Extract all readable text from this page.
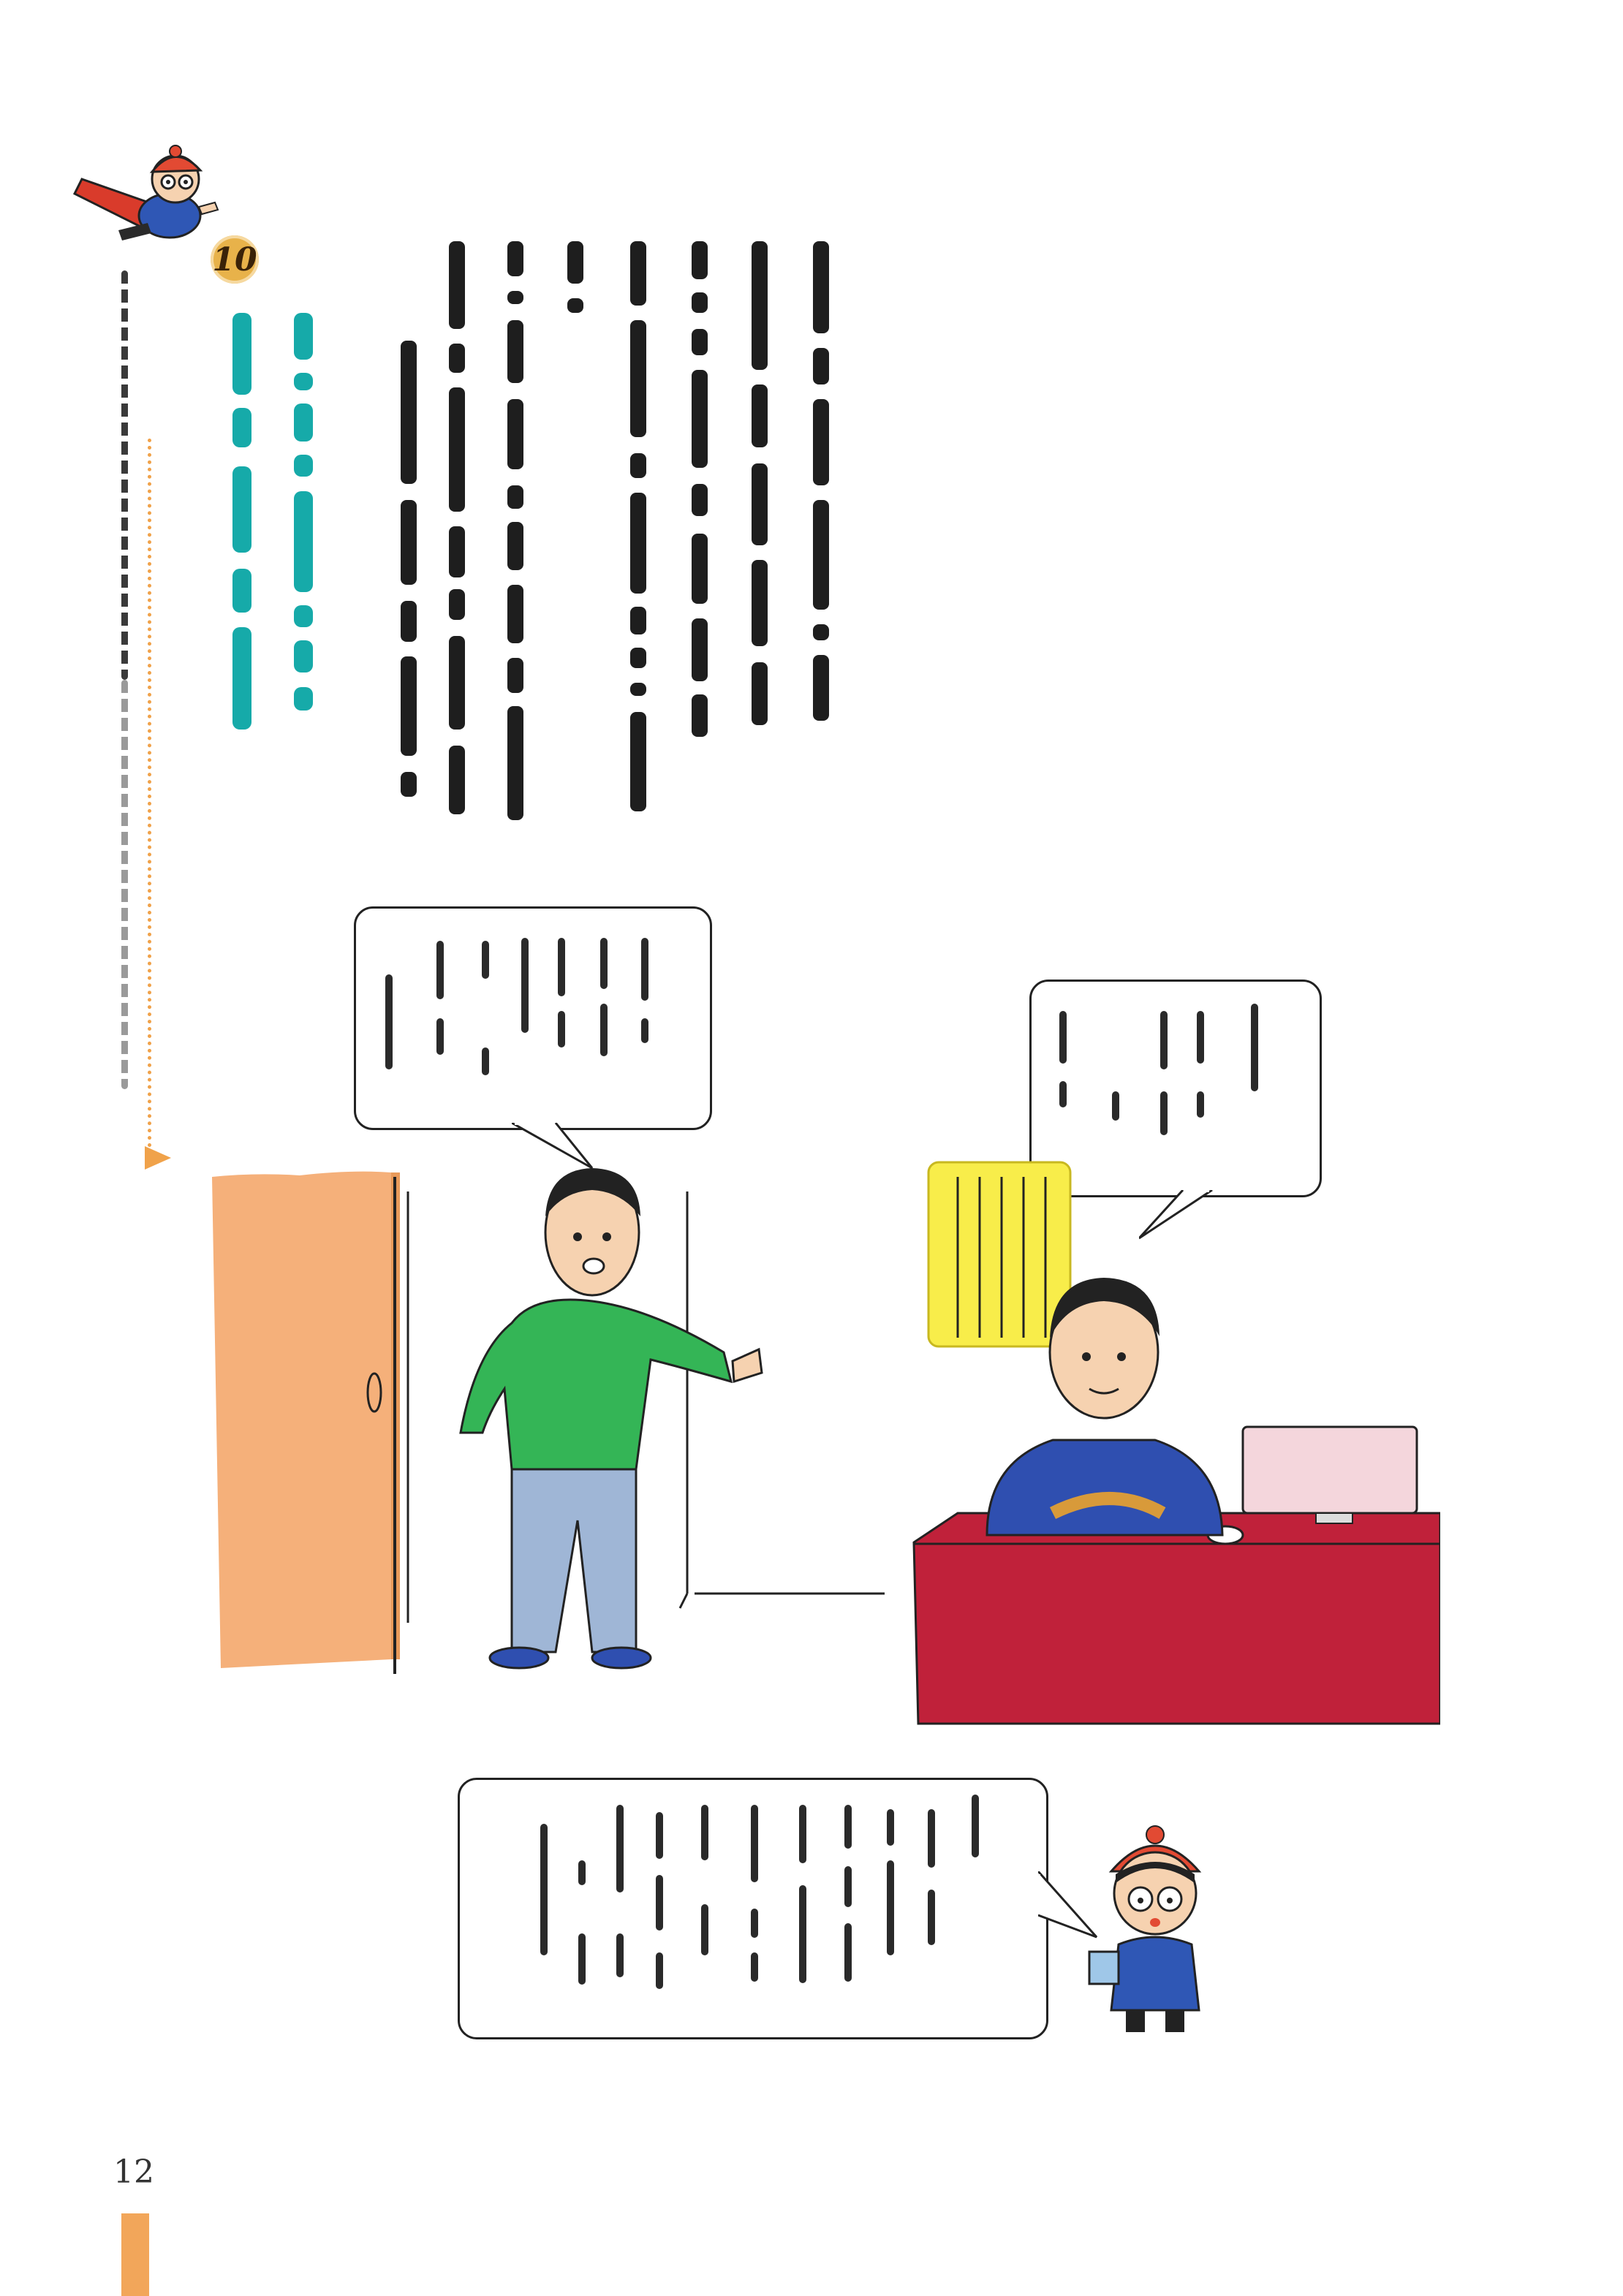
10
12
